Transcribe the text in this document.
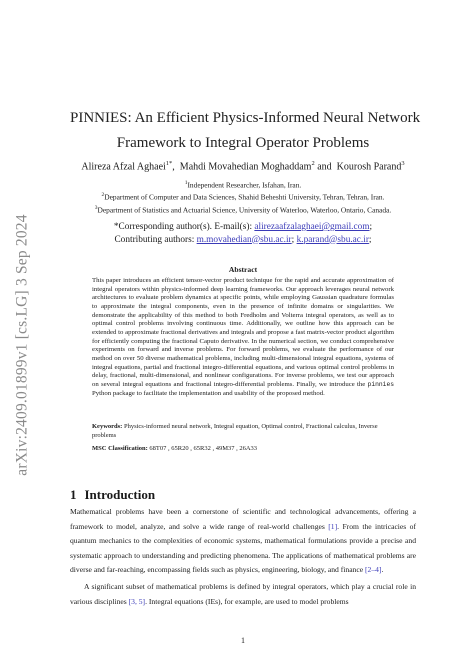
arXiv:2409.01899v1 [cs.LG] 3 Sep 2024
PINNIES: An Efficient Physics-Informed Neural Network
Framework to Integral Operator Problems
Alireza Afzal Aghaei$^{1*}$,  Mahdi Movahedian Moghaddam$^2$ and  Kourosh Parand$^3$
$^1$Independent Researcher, Isfahan, Iran.
$^2$Department of Computer and Data Sciences, Shahid Beheshti University, Tehran, Tehran, Iran.
$^3$Department of Statistics and Actuarial Science, University of Waterloo, Waterloo, Ontario, Canada.
*Corresponding author(s). E-mail(s): alirezaafzalaghaei@gmail.com;
Contributing authors: m.movahedian@sbu.ac.ir; k.parand@sbu.ac.ir;
Abstract
This paper introduces an efficient tensor-vector product technique for the rapid and accurate approximation of integral operators within physics-informed deep learning frameworks. Our approach leverages neural network architectures to evaluate problem dynamics at specific points, while employing Gaussian quadrature formulas to approximate the integral components, even in the presence of infinite domains or singularities. We demonstrate the applicability of this method to both Fredholm and Volterra integral operators, as well as to optimal control problems involving continuous time. Additionally, we outline how this approach can be extended to approximate fractional derivatives and integrals and propose a fast matrix-vector product algorithm for efficiently computing the fractional Caputo derivative. In the numerical section, we conduct comprehensive experiments on forward and inverse problems. For forward problems, we evaluate the performance of our method on over 50 diverse mathematical problems, including multi-dimensional integral equations, systems of integral equations, partial and fractional integro-differential equations, and various optimal control problems in delay, fractional, multi-dimensional, and nonlinear configurations. For inverse problems, we test our approach on several integral equations and fractional integro-differential problems. Finally, we introduce the pinnies Python package to facilitate the implementation and usability of the proposed method.
Keywords: Physics-informed neural network, Integral equation, Optimal control, Fractional calculus, Inverse problems
MSC Classification: 68T07 , 65R20 , 65R32 , 49M37 , 26A33
1 Introduction
Mathematical problems have been a cornerstone of scientific and technological advancements, offering a framework to model, analyze, and solve a wide range of real-world challenges [1]. From the intricacies of quantum mechanics to the complexities of economic systems, mathematical formulations provide a precise and systematic approach to understanding and predicting phenomena. The applications of mathematical problems are diverse and far-reaching, encompassing fields such as physics, engineering, biology, and finance [2–4].
A significant subset of mathematical problems is defined by integral operators, which play a crucial role in various disciplines [3, 5]. Integral equations (IEs), for example, are used to model problems
1
